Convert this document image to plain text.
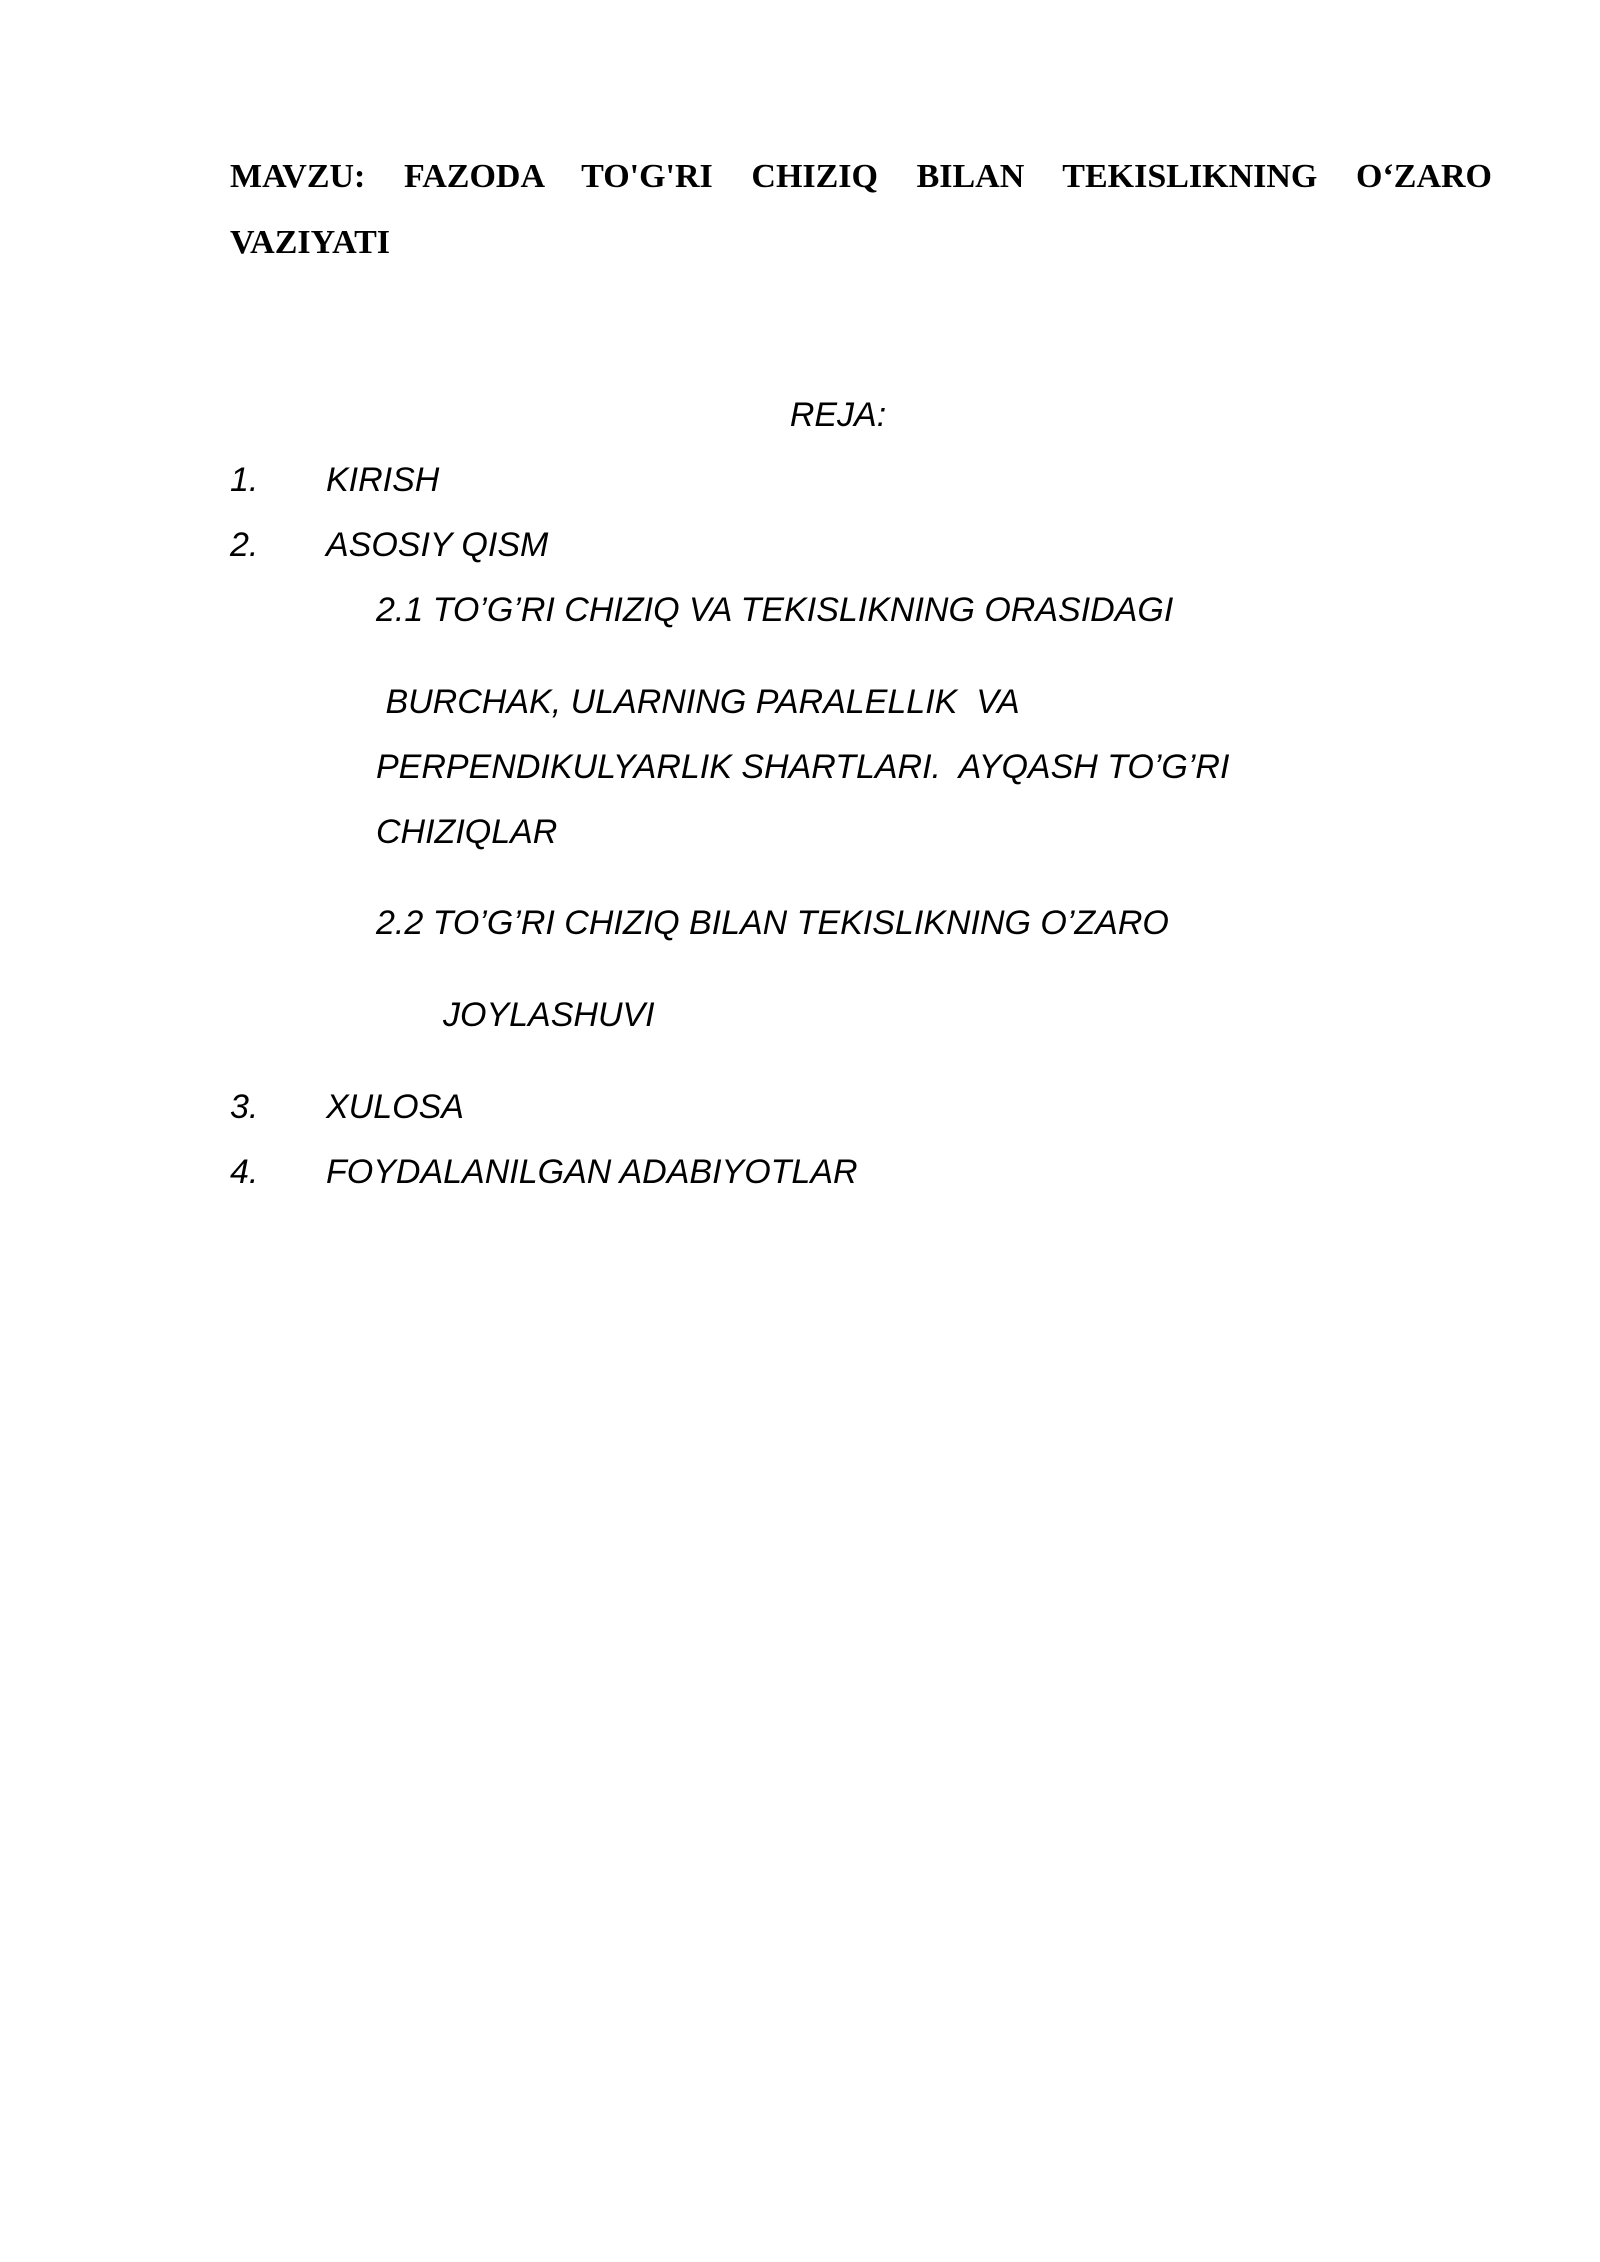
MAVZU: FAZODA TO'G'RI CHIZIQ BILAN TEKISLIKNING O‘ZARO
VAZIYATI

REJA:

1. KIRISH

2. ASOSIY QISM

2.1 TO’G’RI CHIZIQ VA TEKISLIKNING ORASIDAGI

BURCHAK, ULARNING PARALELLIK  VA

PERPENDIKULYARLIK SHARTLARI.  AYQASH TO’G’RI

CHIZIQLAR

2.2 TO’G’RI CHIZIQ BILAN TEKISLIKNING O’ZARO

JOYLASHUVI

3. XULOSA

4. FOYDALANILGAN ADABIYOTLAR
